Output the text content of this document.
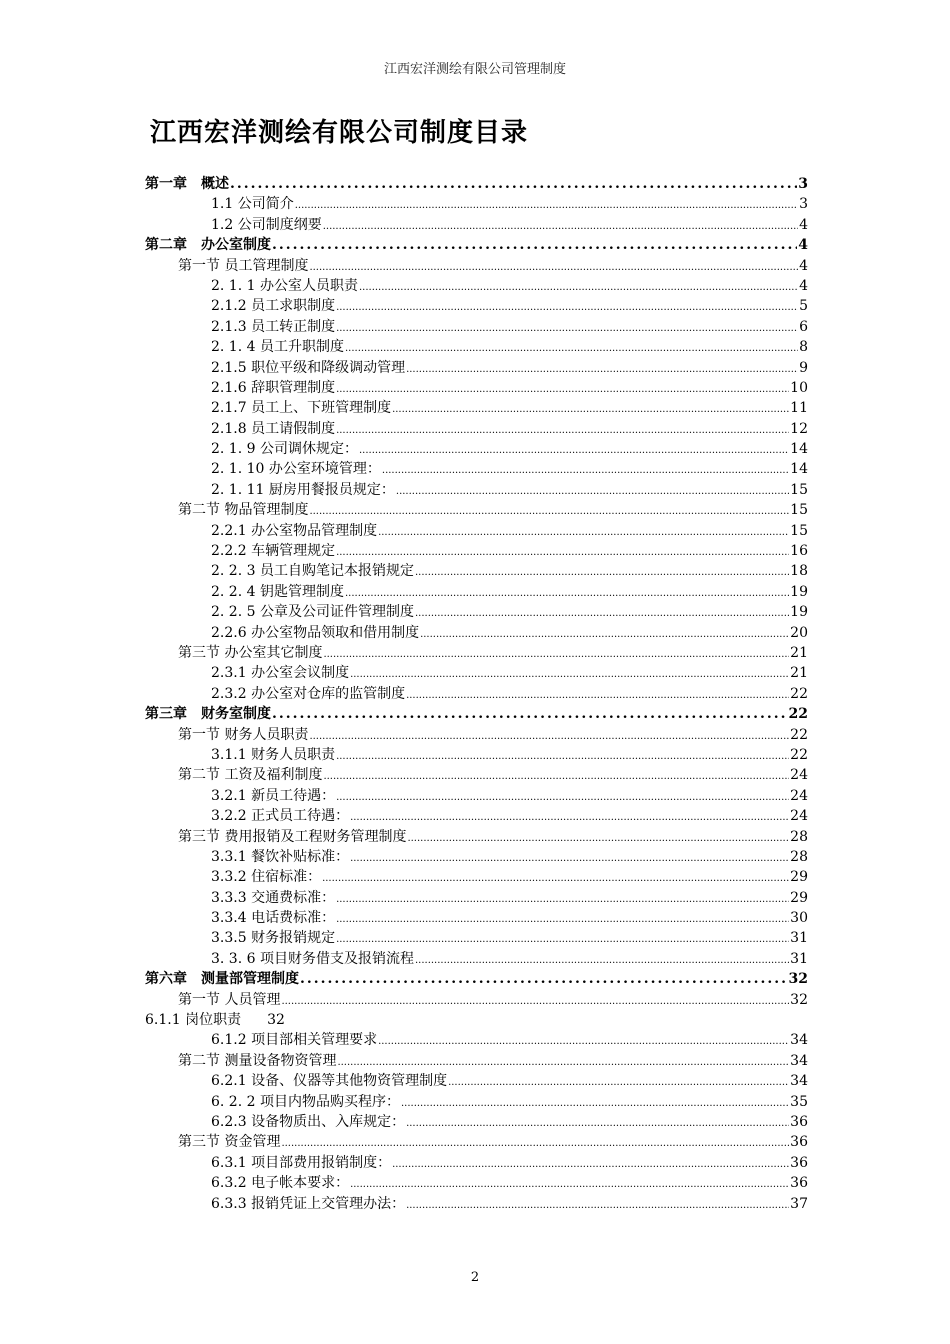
江西宏洋测绘有限公司管理制度
江西宏洋测绘有限公司制度目录
第一章　概述 .....	3
1.1 公司简介 .....	3
1.2 公司制度纲要 .....	4
第二章　办公室制度 .....	4
第一节 员工管理制度 .....	4
2. 1. 1 办公室人员职责 .....	4
2.1.2 员工求职制度 .....	5
2.1.3 员工转正制度 .....	6
2. 1. 4 员工升职制度 .....	8
2.1.5 职位平级和降级调动管理 .....	9
2.1.6 辞职管理制度 .....	10
2.1.7 员工上、下班管理制度 .....	11
2.1.8 员工请假制度 .....	12
2. 1. 9 公司调休规定： .....	14
2. 1. 10 办公室环境管理： .....	14
2. 1. 11 厨房用餐报员规定： .....	15
第二节 物品管理制度 .....	15
2.2.1 办公室物品管理制度 .....	15
2.2.2 车辆管理规定 .....	16
2. 2. 3 员工自购笔记本报销规定 .....	18
2. 2. 4 钥匙管理制度 .....	19
2. 2. 5 公章及公司证件管理制度 .....	19
2.2.6 办公室物品领取和借用制度 .....	20
第三节 办公室其它制度 .....	21
2.3.1 办公室会议制度 .....	21
2.3.2 办公室对仓库的监管制度 .....	22
第三章　财务室制度 .....	22
第一节 财务人员职责 .....	22
3.1.1 财务人员职责 .....	22
第二节 工资及福利制度 .....	24
3.2.1 新员工待遇： .....	24
3.2.2 正式员工待遇： .....	24
第三节 费用报销及工程财务管理制度 .....	28
3.3.1 餐饮补贴标准： .....	28
3.3.2 住宿标准： .....	29
3.3.3 交通费标准： .....	29
3.3.4 电话费标准： .....	30
3.3.5 财务报销规定 .....	31
3. 3. 6 项目财务借支及报销流程 .....	31
第六章　测量部管理制度 .....	32
第一节 人员管理 .....	32
6.1.1 岗位职责 32
6.1.2 项目部相关管理要求 .....	34
第二节 测量设备物资管理 .....	34
6.2.1 设备、仪器等其他物资管理制度 .....	34
6. 2. 2 项目内物品购买程序： .....	35
6.2.3 设备物质出、入库规定： .....	36
第三节 资金管理 .....	36
6.3.1 项目部费用报销制度： .....	36
6.3.2 电子帐本要求： .....	36
6.3.3 报销凭证上交管理办法： .....	37
2
